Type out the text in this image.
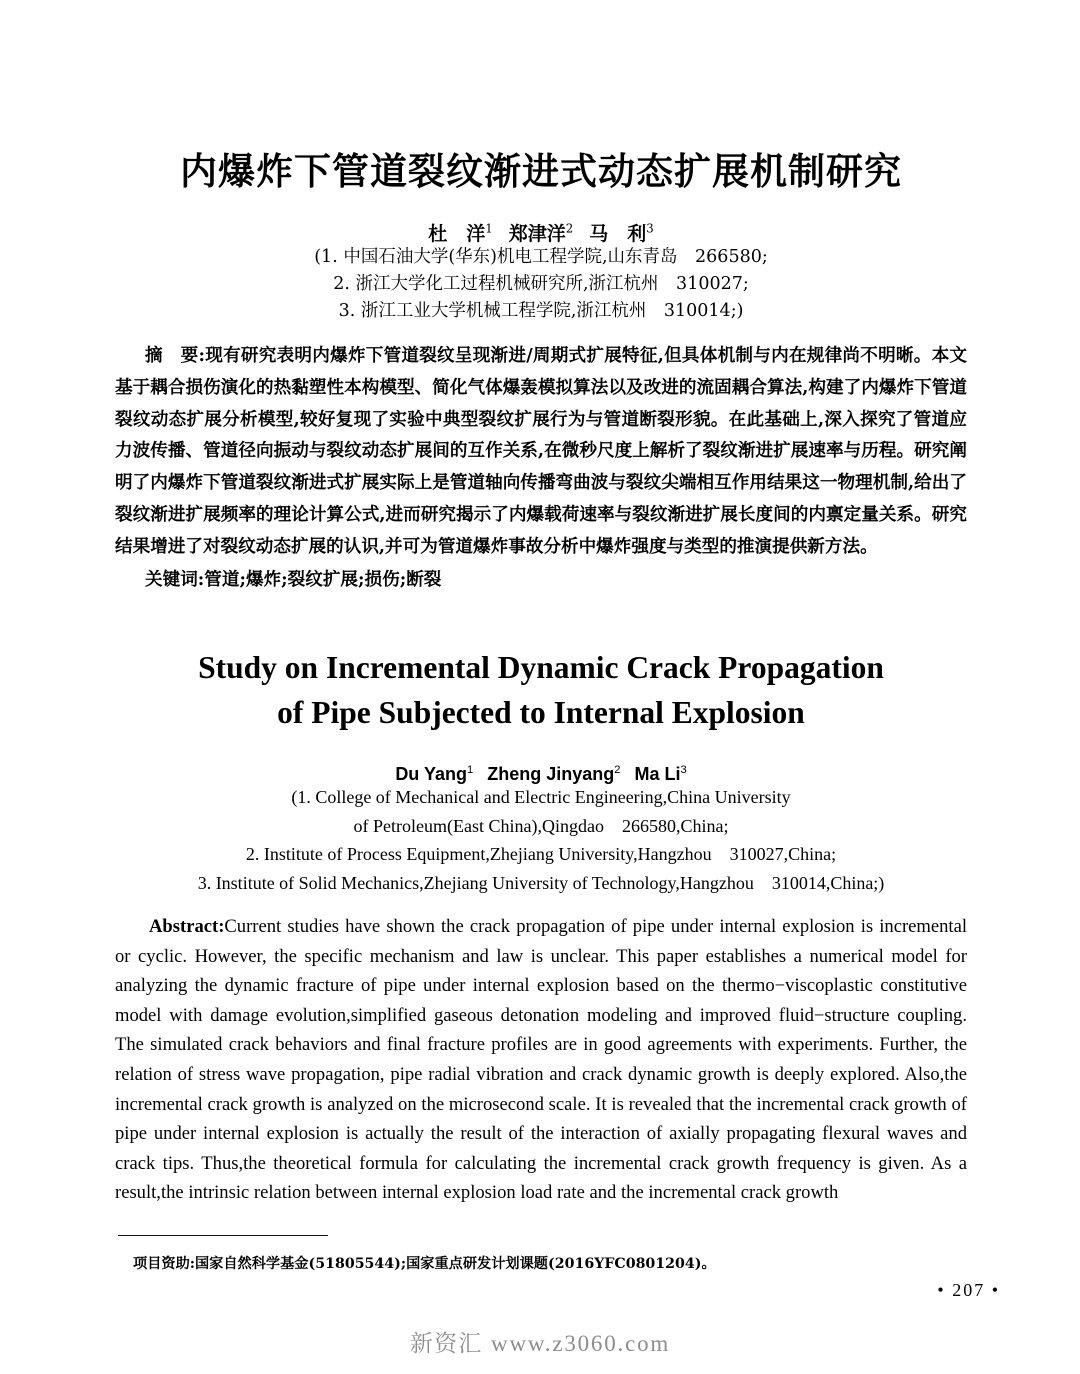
内爆炸下管道裂纹渐进式动态扩展机制研究
杜　洋$^1$ 郑津洋$^2$ 马　利$^3$
(1. 中国石油大学(华东)机电工程学院,山东青岛　266580;
2. 浙江大学化工过程机械研究所,浙江杭州　310027;
3. 浙江工业大学机械工程学院,浙江杭州　310014;)

摘　要:现有研究表明内爆炸下管道裂纹呈现渐进/周期式扩展特征,但具体机制与内在规律尚不明晰。本文基于耦合损伤演化的热黏塑性本构模型、简化气体爆轰模拟算法以及改进的流固耦合算法,构建了内爆炸下管道裂纹动态扩展分析模型,较好复现了实验中典型裂纹扩展行为与管道断裂形貌。在此基础上,深入探究了管道应力波传播、管道径向振动与裂纹动态扩展间的互作关系,在微秒尺度上解析了裂纹渐进扩展速率与历程。研究阐明了内爆炸下管道裂纹渐进式扩展实际上是管道轴向传播弯曲波与裂纹尖端相互作用结果这一物理机制,给出了裂纹渐进扩展频率的理论计算公式,进而研究揭示了内爆载荷速率与裂纹渐进扩展长度间的内禀定量关系。研究结果增进了对裂纹动态扩展的认识,并可为管道爆炸事故分析中爆炸强度与类型的推演提供新方法。

关键词:管道;爆炸;裂纹扩展;损伤;断裂
Study on Incremental Dynamic Crack Propagation
of Pipe Subjected to Internal Explosion
Du Yang$^1$ Zheng Jinyang$^2$ Ma Li$^3$
(1. College of Mechanical and Electric Engineering,China University
of Petroleum(East China),Qingdao　266580,China;
2. Institute of Process Equipment,Zhejiang University,Hangzhou　310027,China;
3. Institute of Solid Mechanics,Zhejiang University of Technology,Hangzhou　310014,China;)

Abstract:Current studies have shown the crack propagation of pipe under internal explosion is incremental or cyclic. However, the specific mechanism and law is unclear. This paper establishes a numerical model for analyzing the dynamic fracture of pipe under internal explosion based on the thermo−viscoplastic constitutive model with damage evolution,simplified gaseous detonation modeling and improved fluid−structure coupling. The simulated crack behaviors and final fracture profiles are in good agreements with experiments. Further, the relation of stress wave propagation, pipe radial vibration and crack dynamic growth is deeply explored. Also,the incremental crack growth is analyzed on the microsecond scale. It is revealed that the incremental crack growth of pipe under internal explosion is actually the result of the interaction of axially propagating flexural waves and crack tips. Thus,the theoretical formula for calculating the incremental crack growth frequency is given. As a result,the intrinsic relation between internal explosion load rate and the incremental crack growth

项目资助:国家自然科学基金(51805544);国家重点研发计划课题(2016YFC0801204)。
• 207 •
新资汇 www.z3060.com
